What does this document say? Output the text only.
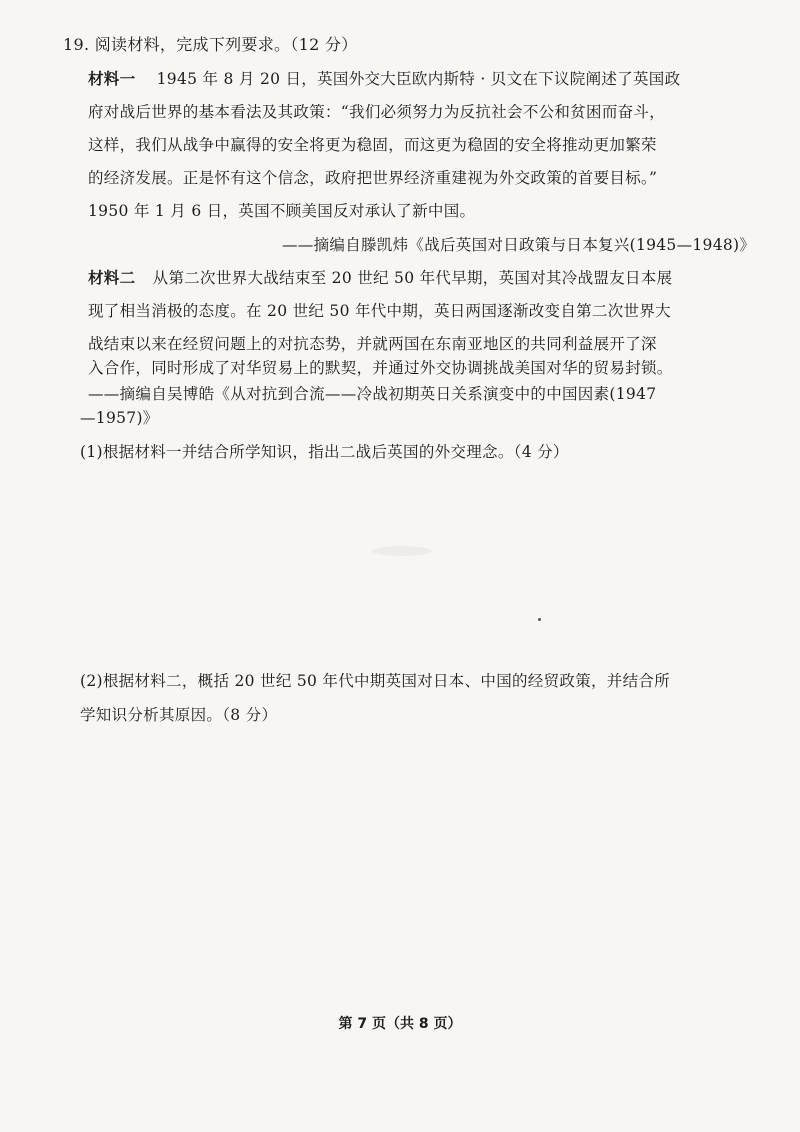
19. 阅读材料，完成下列要求。（12 分）
材料一 1945 年 8 月 20 日，英国外交大臣欧内斯特 · 贝文在下议院阐述了英国政
府对战后世界的基本看法及其政策：“我们必须努力为反抗社会不公和贫困而奋斗，
这样，我们从战争中赢得的安全将更为稳固，而这更为稳固的安全将推动更加繁荣
的经济发展。正是怀有这个信念，政府把世界经济重建视为外交政策的首要目标。”
1950 年 1 月 6 日，英国不顾美国反对承认了新中国。
——摘编自滕凯炜《战后英国对日政策与日本复兴(1945—1948)》
材料二 从第二次世界大战结束至 20 世纪 50 年代早期，英国对其冷战盟友日本展
现了相当消极的态度。在 20 世纪 50 年代中期，英日两国逐渐改变自第二次世界大
战结束以来在经贸问题上的对抗态势，并就两国在东南亚地区的共同利益展开了深
入合作，同时形成了对华贸易上的默契，并通过外交协调挑战美国对华的贸易封锁。
——摘编自吴博皓《从对抗到合流——冷战初期英日关系演变中的中国因素(1947
—1957)》
(1)根据材料一并结合所学知识，指出二战后英国的外交理念。（4 分）
(2)根据材料二，概括 20 世纪 50 年代中期英国对日本、中国的经贸政策，并结合所
学知识分析其原因。（8 分）
第 7 页（共 8 页）
